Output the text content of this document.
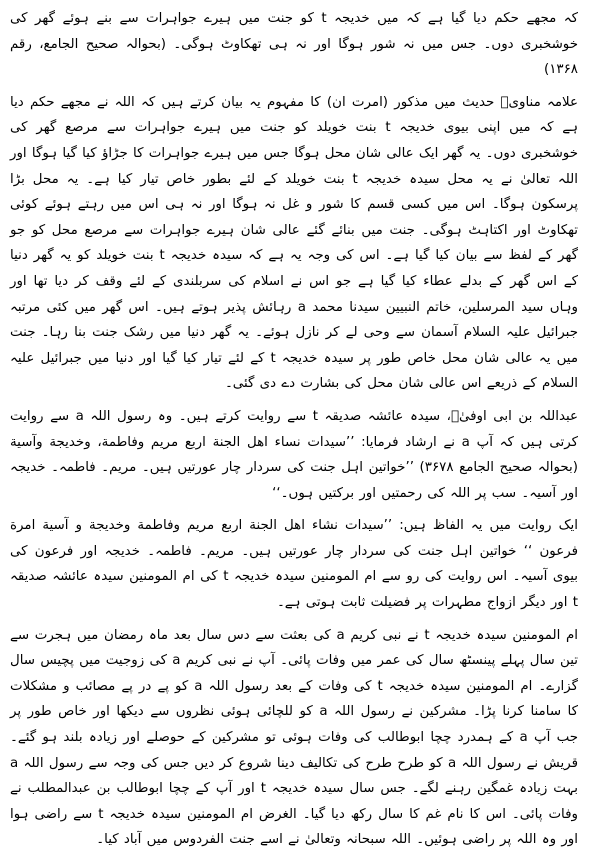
کہ مجھے حکم دیا گیا ہے کہ میں خدیجہ t کو جنت میں ہیرے جواہرات سے بنے ہوئے گھر کی خوشخبری دوں۔ جس میں نہ شور ہوگا اور نہ ہی تھکاوٹ ہوگی۔ (بحوالہ صحیح الجامع، رقم ۱۳۶۸)

علامہ مناویؒ حدیث میں مذکور (امرت ان) کا مفہوم یہ بیان کرتے ہیں کہ اللہ نے مجھے حکم دیا ہے کہ میں اپنی بیوی خدیجہ t بنت خویلد کو جنت میں ہیرے جواہرات سے مرصع گھر کی خوشخبری دوں۔ یہ گھر ایک عالی شان محل ہوگا جس میں ہیرے جواہرات کا جڑاؤ کیا گیا ہوگا اور اللہ تعالیٰ نے یہ محل سیدہ خدیجہ t بنت خویلد کے لئے بطور خاص تیار کیا ہے۔ یہ محل بڑا پرسکون ہوگا۔ اس میں کسی قسم کا شور و غل نہ ہوگا اور نہ ہی اس میں رہتے ہوئے کوئی تھکاوٹ اور اکتاہٹ ہوگی۔ جنت میں بنائے گئے عالی شان ہیرے جواہرات سے مرصع محل کو جو گھر کے لفظ سے بیان کیا گیا ہے۔ اس کی وجہ یہ ہے کہ سیدہ خدیجہ t بنت خویلد کو یہ گھر دنیا کے اس گھر کے بدلے عطاء کیا گیا ہے جو اس نے اسلام کی سربلندی کے لئے وقف کر دیا تھا اور وہاں سید المرسلین، خاتم النبیین سیدنا محمد a رہائش پذیر ہوتے ہیں۔ اس گھر میں کئی مرتبہ جبرائیل علیہ السلام آسمان سے وحی لے کر نازل ہوئے۔ یہ گھر دنیا میں رشک جنت بنا رہا۔ جنت میں یہ عالی شان محل خاص طور پر سیدہ خدیجہ t کے لئے تیار کیا گیا اور دنیا میں جبرائیل علیہ السلام کے ذریعے اس عالی شان محل کی بشارت دے دی گئی۔

عبداللہ بن ابی اوفیٰؓ، سیدہ عائشہ صدیقہ t سے روایت کرتے ہیں۔ وہ رسول اللہ a سے روایت کرتی ہیں کہ آپ a نے ارشاد فرمایا: ’’سیدات نساء اهل الجنة اربع مریم وفاطمة، وخدیجة وآسیة (بحوالہ صحیح الجامع ۳۶۷۸) ’’خواتین اہل جنت کی سردار چار عورتیں ہیں۔ مریم۔ فاطمہ۔ خدیجہ اور آسیہ۔ سب پر اللہ کی رحمتیں اور برکتیں ہوں۔‘‘

ایک روایت میں یہ الفاظ ہیں: ’’سیدات نشاء اهل الجنة اربع مریم وفاطمة وخدیجة و آسیة امرة فرعون ‘‘ خواتین اہل جنت کی سردار چار عورتیں ہیں۔ مریم۔ فاطمہ۔ خدیجہ اور فرعون کی بیوی آسیہ۔ اس روایت کی رو سے ام المومنین سیدہ خدیجہ t کی ام المومنین سیدہ عائشہ صدیقہ t اور دیگر ازواج مطہرات پر فضیلت ثابت ہوتی ہے۔

ام المومنین سیدہ خدیجہ t نے نبی کریم a کی بعثت سے دس سال بعد ماہ رمضان میں ہجرت سے تین سال پہلے پینسٹھ سال کی عمر میں وفات پائی۔ آپ نے نبی کریم a کی زوجیت میں پچیس سال گزارے۔ ام المومنین سیدہ خدیجہ t کی وفات کے بعد رسول اللہ a کو پے در پے مصائب و مشکلات کا سامنا کرنا پڑا۔ مشرکین نے رسول اللہ a کو للچائی ہوئی نظروں سے دیکھا اور خاص طور پر جب آپ a کے ہمدرد چچا ابوطالب کی وفات ہوئی تو مشرکین کے حوصلے اور زیادہ بلند ہو گئے۔ قریش نے رسول اللہ a کو طرح طرح کی تکالیف دینا شروع کر دیں جس کی وجہ سے رسول اللہ a بہت زیادہ غمگین رہنے لگے۔ جس سال سیدہ خدیجہ t اور آپ کے چچا ابوطالب بن عبدالمطلب نے وفات پائی۔ اس کا نام غم کا سال رکھ دیا گیا۔ الغرض ام المومنین سیدہ خدیجہ t سے راضی ہوا اور وہ اللہ پر راضی ہوئیں۔ اللہ سبحانہ وتعالیٰ نے اسے جنت الفردوس میں آباد کیا۔
